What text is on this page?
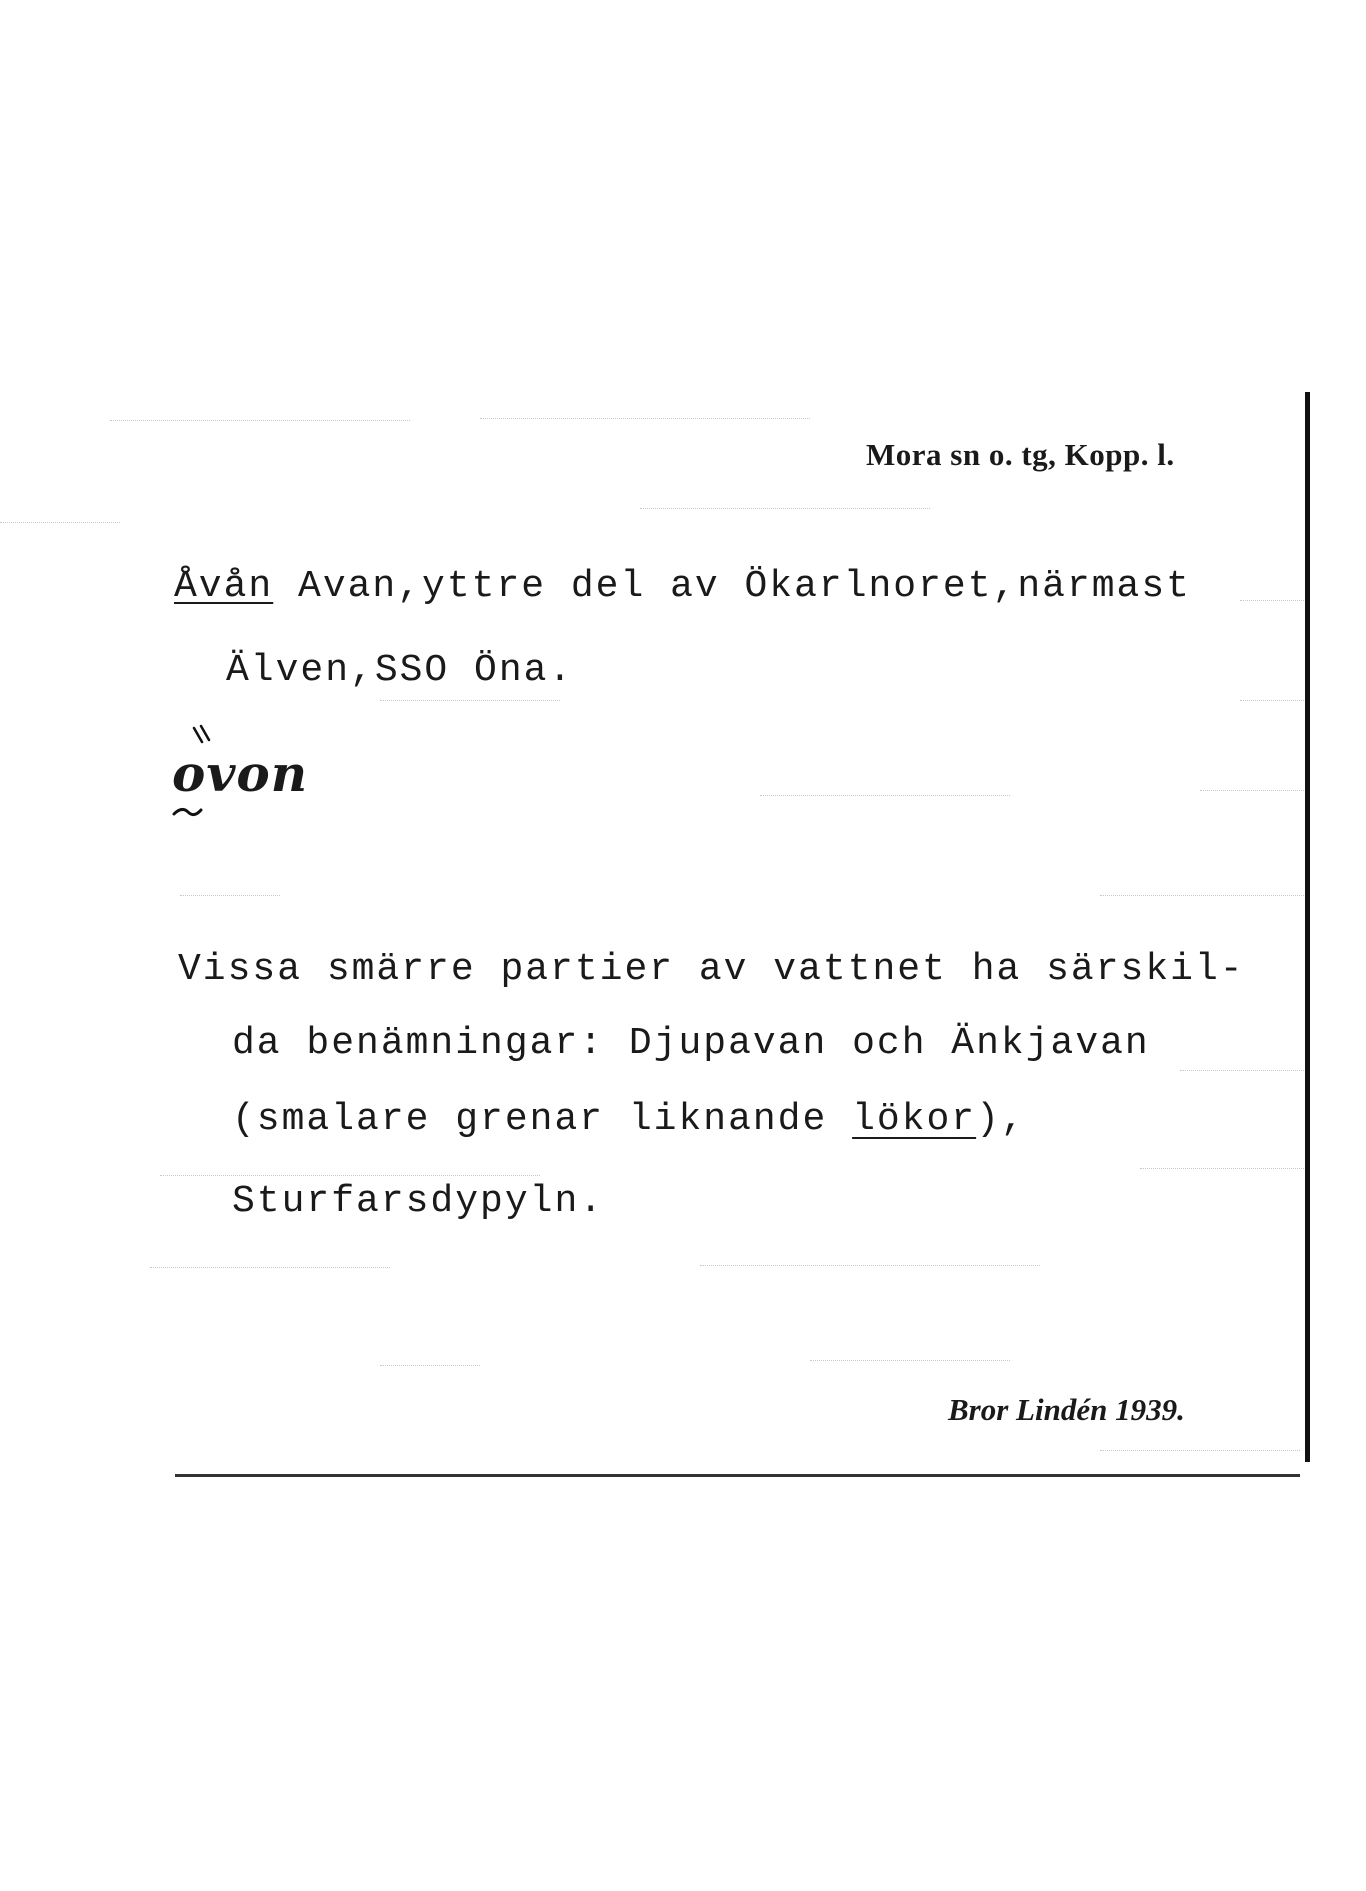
Mora sn o. tg, Kopp. l.
Åvån Avan,yttre del av Ökarlnoret,närmast
Älven,SSO Öna.
ovon
Vissa smärre partier av vattnet ha särskil-
da benämningar: Djupavan och Änkjavan
(smalare grenar liknande lökor),
Sturfarsdypyln.
Bror Lindén 1939.
